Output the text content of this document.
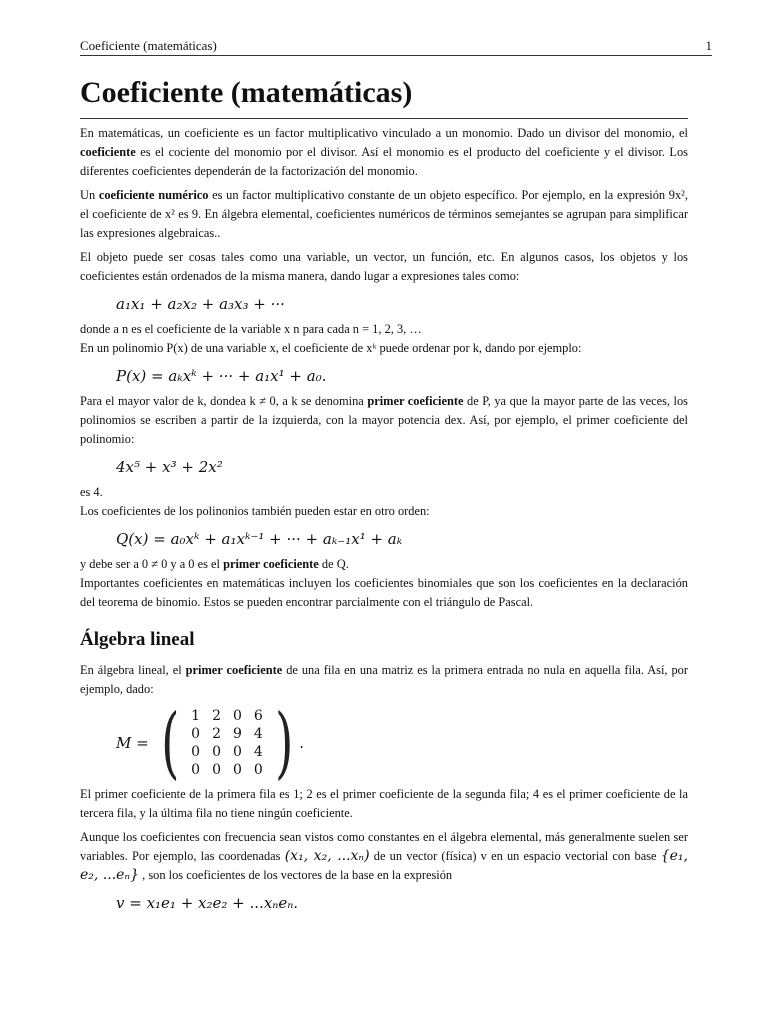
Coeficiente (matemáticas)	1
Coeficiente (matemáticas)

En matemáticas, un coeficiente es un factor multiplicativo vinculado a un monomio. Dado un divisor del monomio, el coeficiente es el cociente del monomio por el divisor. Así el monomio es el producto del coeficiente y el divisor. Los diferentes coeficientes dependerán de la factorización del monomio.

Un coeficiente numérico es un factor multiplicativo constante de un objeto específico. Por ejemplo, en la expresión 9x², el coeficiente de x² es 9. En álgebra elemental, coeficientes numéricos de términos semejantes se agrupan para simplificar las expresiones algebraicas..

El objeto puede ser cosas tales como una variable, un vector, un función, etc. En algunos casos, los objetos y los coeficientes están ordenados de la misma manera, dando lugar a expresiones tales como:

a₁x₁ + a₂x₂ + a₃x₃ + ···

donde a n es el coeficiente de la variable x n para cada n = 1, 2, 3, …

En un polinomio P(x) de una variable x, el coeficiente de xᵏ puede ordenar por k, dando por ejemplo:

P(x) = aₖxᵏ + ··· + a₁x¹ + a₀.

Para el mayor valor de k, dondea k ≠ 0, a k se denomina primer coeficiente de P, ya que la mayor parte de las veces, los polinomios se escriben a partir de la izquierda, con la mayor potencia dex. Así, por ejemplo, el primer coeficiente del polinomio:

4x⁵ + x³ + 2x²

es 4.

Los coeficientes de los polinonios también pueden estar en otro orden:

Q(x) = a₀xᵏ + a₁xᵏ⁻¹ + ··· + aₖ₋₁x¹ + aₖ

y debe ser a 0 ≠ 0 y a 0 es el primer coeficiente de Q.

Importantes coeficientes en matemáticas incluyen los coeficientes binomiales que son los coeficientes en la declaración del teorema de binomio. Estos se pueden encontrar parcialmente con el triángulo de Pascal.

Álgebra lineal

En álgebra lineal, el primer coeficiente de una fila en una matriz es la primera entrada no nula en aquella fila. Así, por ejemplo, dado:

M = ( 1	2	0	6
0	2	9	4
0	0	0	4
0	0	0	0 ) .

El primer coeficiente de la primera fila es 1; 2 es el primer coeficiente de la segunda fila; 4 es el primer coeficiente de la tercera fila, y la última fila no tiene ningún coeficiente.

Aunque los coeficientes con frecuencia sean vistos como constantes en el álgebra elemental, más generalmente suelen ser variables. Por ejemplo, las coordenadas (x₁, x₂, ...xₙ) de un vector (física) v en un espacio vectorial con base {e₁, e₂, ...eₙ} , son los coeficientes de los vectores de la base en la expresión

v = x₁e₁ + x₂e₂ + ...xₙeₙ.
